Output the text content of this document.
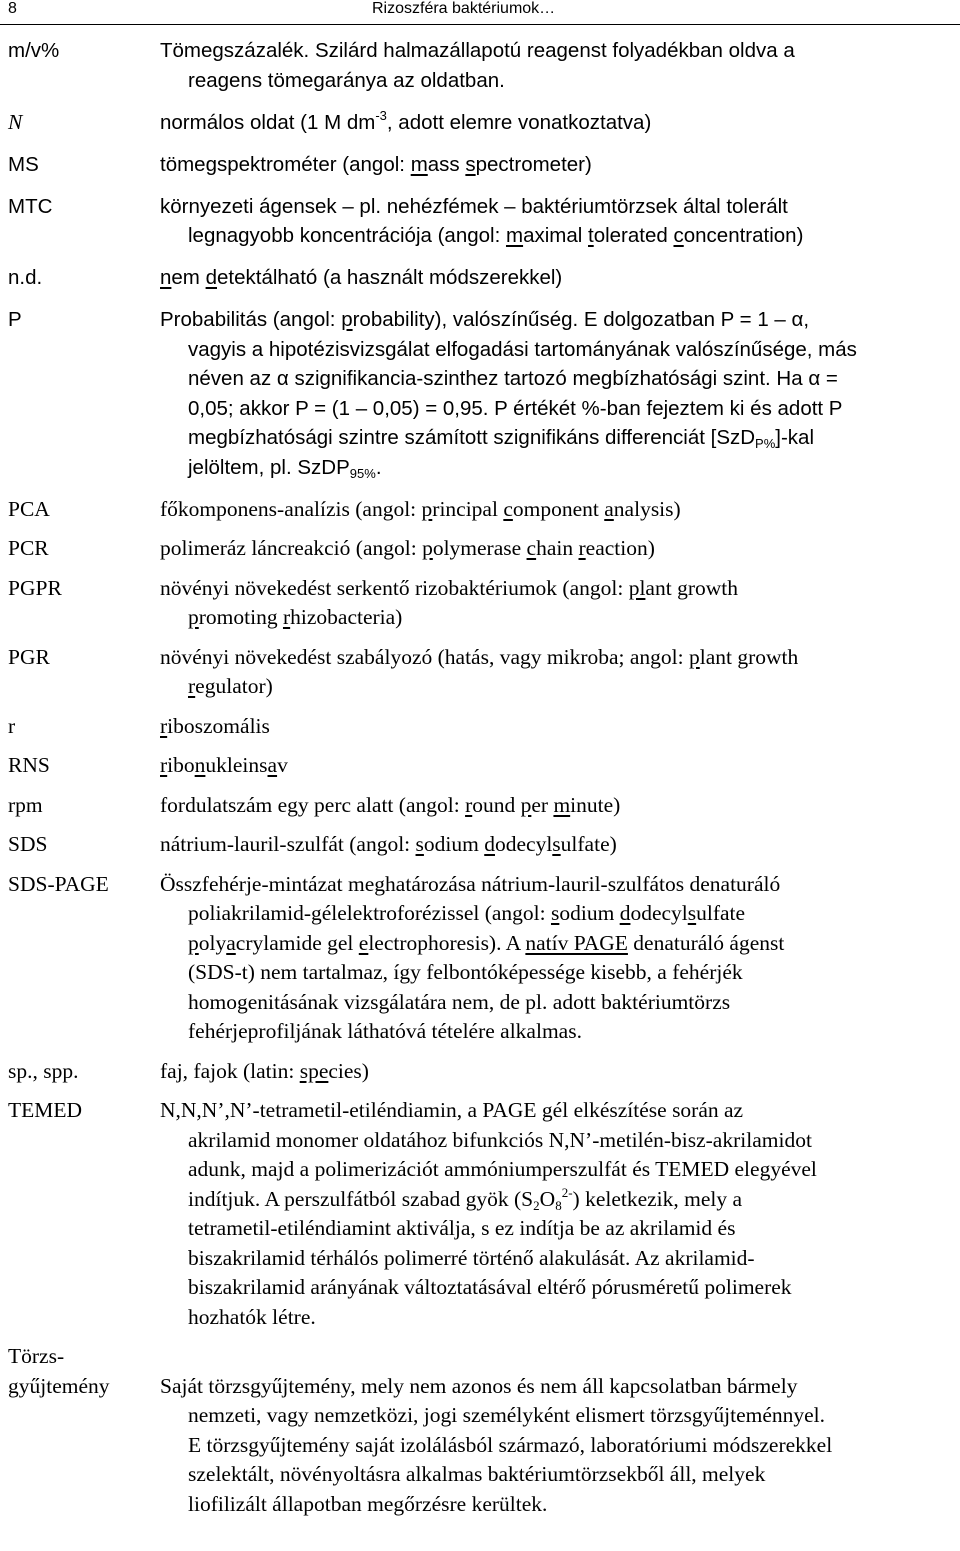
8	Rizoszféra baktériumok…
m/v%	Tömegszázalék. Szilárd halmazállapotú reagenst folyadékban oldva a
reagens tömegaránya az oldatban.
N	normálos oldat (1 M $dm^{-3}$, adott elemre vonatkoztatva)
MS	tömegspektrométer (angol: mass spectrometer)
MTC	környezeti ágensek – pl. nehézfémek – baktériumtörzsek által tolerált
legnagyobb koncentrációja (angol: maximal tolerated concentration)
n.d.	nem detektálható (a használt módszerekkel)
P	Probabilitás (angol: probability), valószínűség. E dolgozatban P = 1 – α,
vagyis a hipotézisvizsgálat elfogadási tartományának valószínűsége, más
néven az α szignifikancia-szinthez tartozó megbízhatósági szint. Ha α =
0,05; akkor P = (1 – 0,05) = 0,95. P értékét %-ban fejeztem ki és adott P
megbízhatósági szintre számított szignifikáns differenciát [SzD$_{P\%}$]-kal
jelöltem, pl. SzDP$_{95\%}$.
PCA	főkomponens-analízis (angol: principal component analysis)
PCR	polimeráz láncreakció (angol: polymerase chain reaction)
PGPR	növényi növekedést serkentő rizobaktériumok (angol: plant growth
promoting rhizobacteria)
PGR	növényi növekedést szabályozó (hatás, vagy mikroba; angol: plant growth
regulator)
r	riboszomális
RNS	ribonukleinsav
rpm	fordulatszám egy perc alatt (angol: round per minute)
SDS	nátrium-lauril-szulfát (angol: sodium dodecylsulfate)
SDS-PAGE	Összfehérje-mintázat meghatározása nátrium-lauril-szulfátos denaturáló
poliakrilamid-gélelektroforézissel (angol: sodium dodecylsulfate
polyacrylamide gel electrophoresis). A natív PAGE denaturáló ágenst
(SDS-t) nem tartalmaz, így felbontóképessége kisebb, a fehérjék
homogenitásának vizsgálatára nem, de pl. adott baktériumtörzs
fehérjeprofiljának láthatóvá tételére alkalmas.
sp., spp.	faj, fajok (latin: species)
TEMED	N,N,N’,N’-tetrametil-etiléndiamin, a PAGE gél elkészítése során az
akrilamid monomer oldatához bifunkciós N,N’-metilén-bisz-akrilamidot
adunk, majd a polimerizációt ammóniumperszulfát és TEMED elegyével
indítjuk. A perszulfátból szabad gyök $(S_2O_8^{2-})$ keletkezik, mely a
tetrametil-etiléndiamint aktiválja, s ez indítja be az akrilamid és
biszakrilamid térhálós polimerré történő alakulását. Az akrilamid-
biszakrilamid arányának változtatásával eltérő pórusméretű polimerek
hozhatók létre.
Törzs-
gyűjtemény	Saját törzsgyűjtemény, mely nem azonos és nem áll kapcsolatban bármely
nemzeti, vagy nemzetközi, jogi személyként elismert törzsgyűjteménnyel.
E törzsgyűjtemény saját izolálásból származó, laboratóriumi módszerekkel
szelektált, növényoltásra alkalmas baktériumtörzsekből áll, melyek
liofilizált állapotban megőrzésre kerültek.
